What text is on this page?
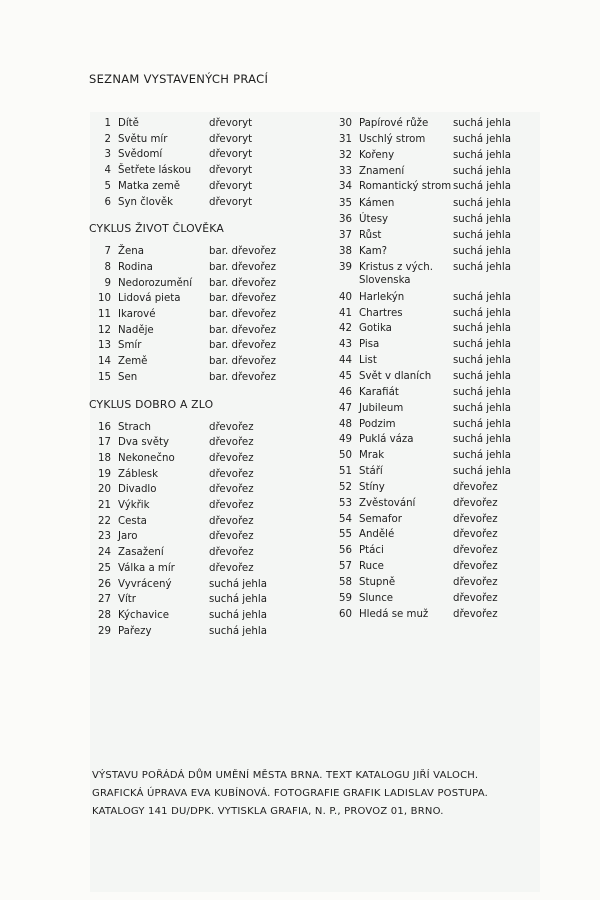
SEZNAM VYSTAVENÝCH PRACÍ
1 Dítě	dřevoryt
2 Světu mír	dřevoryt
3 Svědomí	dřevoryt
4 Šetřete láskou	dřevoryt
5 Matka země	dřevoryt
6 Syn člověk	dřevoryt
CYKLUS ŽIVOT ČLOVĚKA
7 Žena	bar. dřevořez
8 Rodina	bar. dřevořez
9 Nedorozumění	bar. dřevořez
10 Lidová pieta	bar. dřevořez
11 Ikarové	bar. dřevořez
12 Naděje	bar. dřevořez
13 Smír	bar. dřevořez
14 Země	bar. dřevořez
15 Sen	bar. dřevořez
CYKLUS DOBRO A ZLO
16 Strach	dřevořez
17 Dva světy	dřevořez
18 Nekonečno	dřevořez
19 Záblesk	dřevořez
20 Divadlo	dřevořez
21 Výkřik	dřevořez
22 Cesta	dřevořez
23 Jaro	dřevořez
24 Zasažení	dřevořez
25 Válka a mír	dřevořez
26 Vyvrácený	suchá jehla
27 Vítr	suchá jehla
28 Kýchavice	suchá jehla
29 Pařezy	suchá jehla
30 Papírové růže	suchá jehla
31 Uschlý strom	suchá jehla
32 Kořeny	suchá jehla
33 Znamení	suchá jehla
34 Romantický strom suchá jehla
35 Kámen	suchá jehla
36 Útesy	suchá jehla
37 Růst	suchá jehla
38 Kam?	suchá jehla
39 Kristus z vých. Slovenska
suchá jehla
40 Harlekýn	suchá jehla
41 Chartres	suchá jehla
42 Gotika	suchá jehla
43 Pisa	suchá jehla
44 List	suchá jehla
45 Svět v dlaních	suchá jehla
46 Karafiát	suchá jehla
47 Jubileum	suchá jehla
48 Podzim	suchá jehla
49 Puklá váza	suchá jehla
50 Mrak	suchá jehla
51 Stáří	suchá jehla
52 Stíny	dřevořez
53 Zvěstování	dřevořez
54 Semafor	dřevořez
55 Andělé	dřevořez
56 Ptáci	dřevořez
57 Ruce	dřevořez
58 Stupně	dřevořez
59 Slunce	dřevořez
60 Hledá se muž	dřevořez
VÝSTAVU POŘÁDÁ DŮM UMĚNÍ MĚSTA BRNA. TEXT KATALOGU JIŘÍ VALOCH.
GRAFICKÁ ÚPRAVA EVA KUBÍNOVÁ. FOTOGRAFIE GRAFIK LADISLAV POSTUPA.
KATALOGY 141 DU/DPK. VYTISKLA GRAFIA, N. P., PROVOZ 01, BRNO.
